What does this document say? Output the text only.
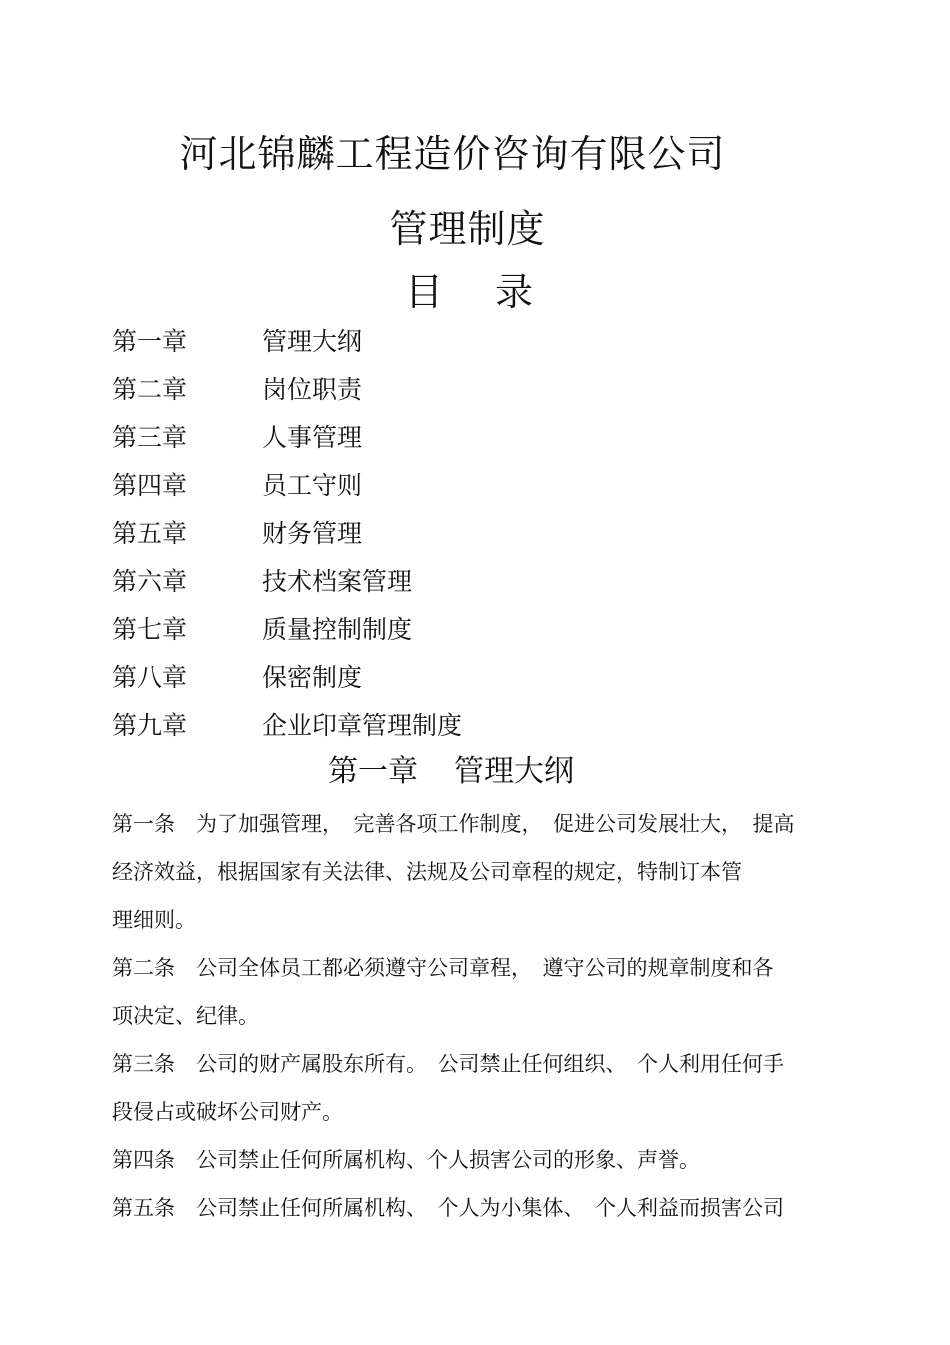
河北锦麟工程造价咨询有限公司
管理制度
目 录
第一章	管理大纲
第二章	岗位职责
第三章	人事管理
第四章	员工守则
第五章	财务管理
第六章	技术档案管理
第七章	质量控制制度
第八章	保密制度
第九章	企业印章管理制度
第一章 管理大纲
第一条　为了加强管理，　完善各项工作制度，　促进公司发展壮大，　提高
经济效益，根据国家有关法律、法规及公司章程的规定，特制订本管
理细则。
第二条　公司全体员工都必须遵守公司章程，　遵守公司的规章制度和各
项决定、纪律。
第三条　公司的财产属股东所有。　公司禁止任何组织、　个人利用任何手
段侵占或破坏公司财产。
第四条　公司禁止任何所属机构、个人损害公司的形象、声誉。
第五条　公司禁止任何所属机构、　个人为小集体、　个人利益而损害公司
